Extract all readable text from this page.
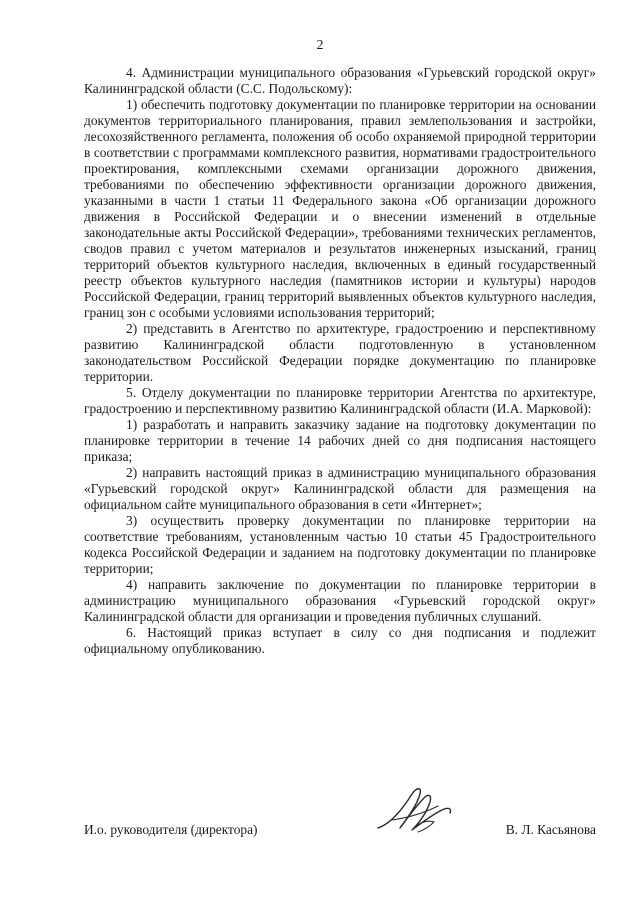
2

4. Администрации муниципального образования «Гурьевский городской округ» Калининградской области (С.С. Подольскому):

1) обеспечить подготовку документации по планировке территории на основании документов территориального планирования, правил землепользования и застройки, лесохозяйственного регламента, положения об особо охраняемой природной территории в соответствии с программами комплексного развития, нормативами градостроительного проектирования, комплексными схемами организации дорожного движения, требованиями по обеспечению эффективности организации дорожного движения, указанными в части 1 статьи 11 Федерального закона «Об организации дорожного движения в Российской Федерации и о внесении изменений в отдельные законодательные акты Российской Федерации», требованиями технических регламентов, сводов правил с учетом материалов и результатов инженерных изысканий, границ территорий объектов культурного наследия, включенных в единый государственный реестр объектов культурного наследия (памятников истории и культуры) народов Российской Федерации, границ территорий выявленных объектов культурного наследия, границ зон с особыми условиями использования территорий;

2) представить в Агентство по архитектуре, градостроению и перспективному развитию Калининградской области подготовленную в установленном законодательством Российской Федерации порядке документацию по планировке территории.

5. Отделу документации по планировке территории Агентства по архитектуре, градостроению и перспективному развитию Калининградской области (И.А. Марковой):

1) разработать и направить заказчику задание на подготовку документации по планировке территории в течение 14 рабочих дней со дня подписания настоящего приказа;

2) направить настоящий приказ в администрацию муниципального образования «Гурьевский городской округ» Калининградской области для размещения на официальном сайте муниципального образования в сети «Интернет»;

3) осуществить проверку документации по планировке территории на соответствие требованиям, установленным частью 10 статьи 45 Градостроительного кодекса Российской Федерации и заданием на подготовку документации по планировке территории;

4) направить заключение по документации по планировке территории в администрацию муниципального образования «Гурьевский городской округ» Калининградской области для организации и проведения публичных слушаний.

6. Настоящий приказ вступает в силу со дня подписания и подлежит официальному опубликованию.

И.о. руководителя (директора)	В. Л. Касьянова
